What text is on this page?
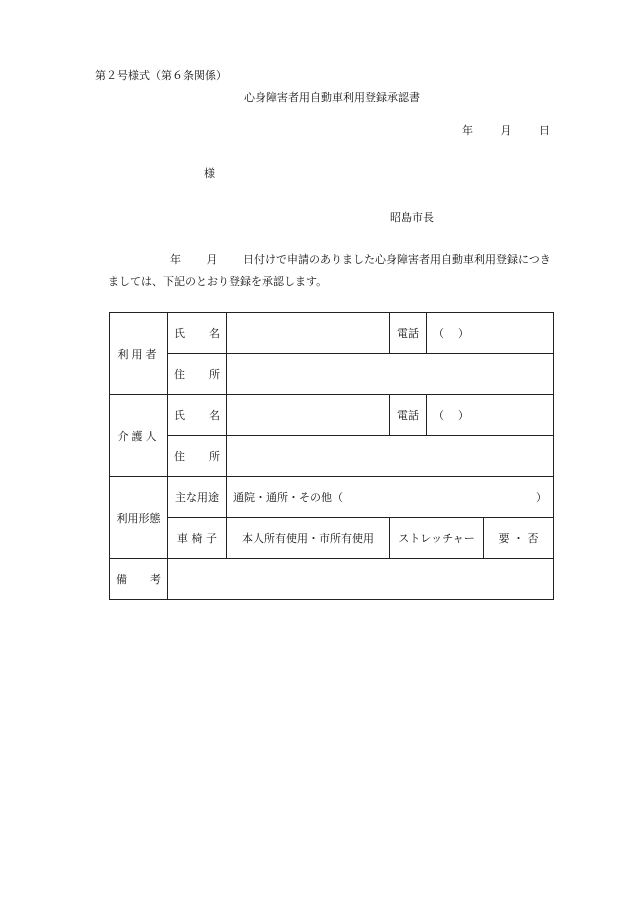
第２号様式（第６条関係）
心身障害者用自動車利用登録承認書
年	月	日
様
昭島市長
年 月 日付けで申請のありました心身障害者用自動車利用登録につき
ましては、下記のとおり登録を承認します。
利用者	氏 名		電話	（ ）	

	住 所				

介護人	氏 名		電話	（ ）	

	住 所				

利用形態	主な用途	通院・通所・その他（ ）			

	車 椅 子	本人所有使用・市所有使用	ストレッチャー		要 ・ 否

備 考					
